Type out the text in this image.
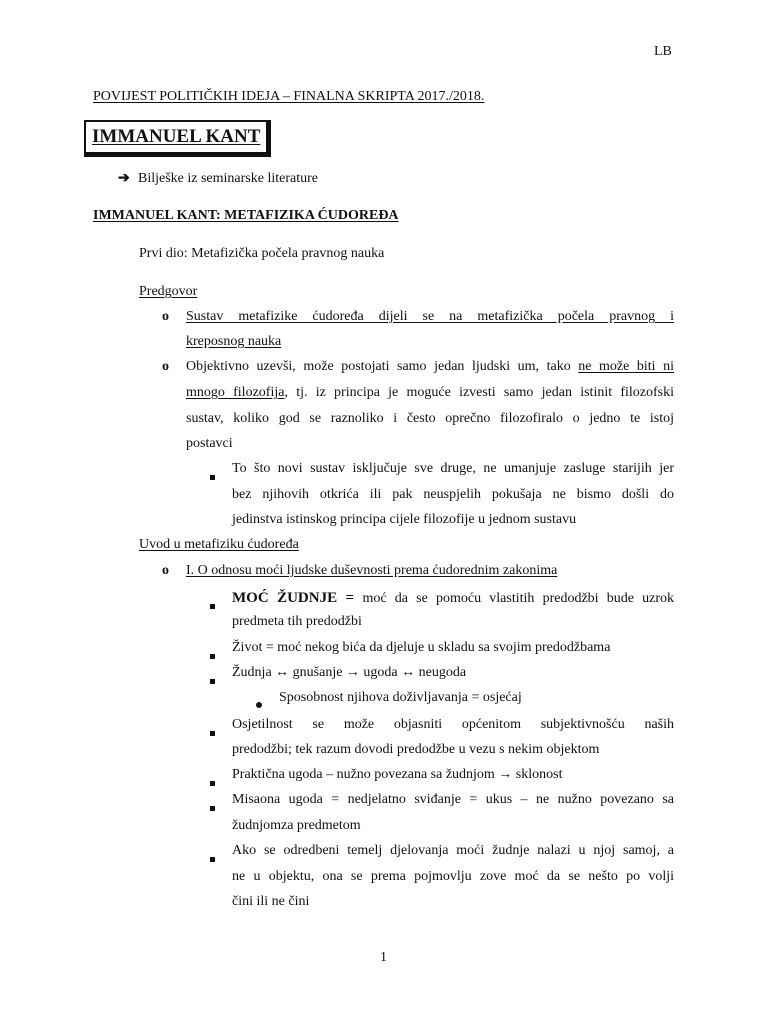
LB
POVIJEST POLITIČKIH IDEJA – FINALNA SKRIPTA 2017./2018.
IMMANUEL KANT
➔ Bilješke iz seminarske literature
IMMANUEL KANT: METAFIZIKA ĆUDOREĐA
Prvi dio: Metafizička počela pravnog nauka
Predgovor
o Sustav metafizike ćudoređa dijeli se na metafizička počela pravnog i
kreposnog nauka
o Objektivno uzevši, može postojati samo jedan ljudski um, tako ne može biti ni
mnogo filozofija, tj. iz principa je moguće izvesti samo jedan istinit filozofski
sustav, koliko god se raznoliko i često oprečno filozofiralo o jedno te istoj
postavci
To što novi sustav isključuje sve druge, ne umanjuje zasluge starijih jer
bez njihovih otkrića ili pak neuspjelih pokušaja ne bismo došli do
jedinstva istinskog principa cijele filozofije u jednom sustavu
Uvod u metafiziku ćudoređa
o I. O odnosu moći ljudske duševnosti prema ćudorednim zakonima
MOĆ ŽUDNJE = moć da se pomoću vlastitih predodžbi bude uzrok
predmeta tih predodžbi
Život = moć nekog bića da djeluje u skladu sa svojim predodžbama
Žudnja ↔ gnušanje → ugoda ↔ neugoda
Sposobnost njihova doživljavanja = osjećaj
Osjetilnost se može objasniti općenitom subjektivnošću naših
predodžbi; tek razum dovodi predodžbe u vezu s nekim objektom
Praktična ugoda – nužno povezana sa žudnjom → sklonost
Misaona ugoda = nedjelatno sviđanje = ukus – ne nužno povezano sa
žudnjomza predmetom
Ako se odredbeni temelj djelovanja moći žudnje nalazi u njoj samoj, a
ne u objektu, ona se prema pojmovlju zove moć da se nešto po volji
čini ili ne čini
1
